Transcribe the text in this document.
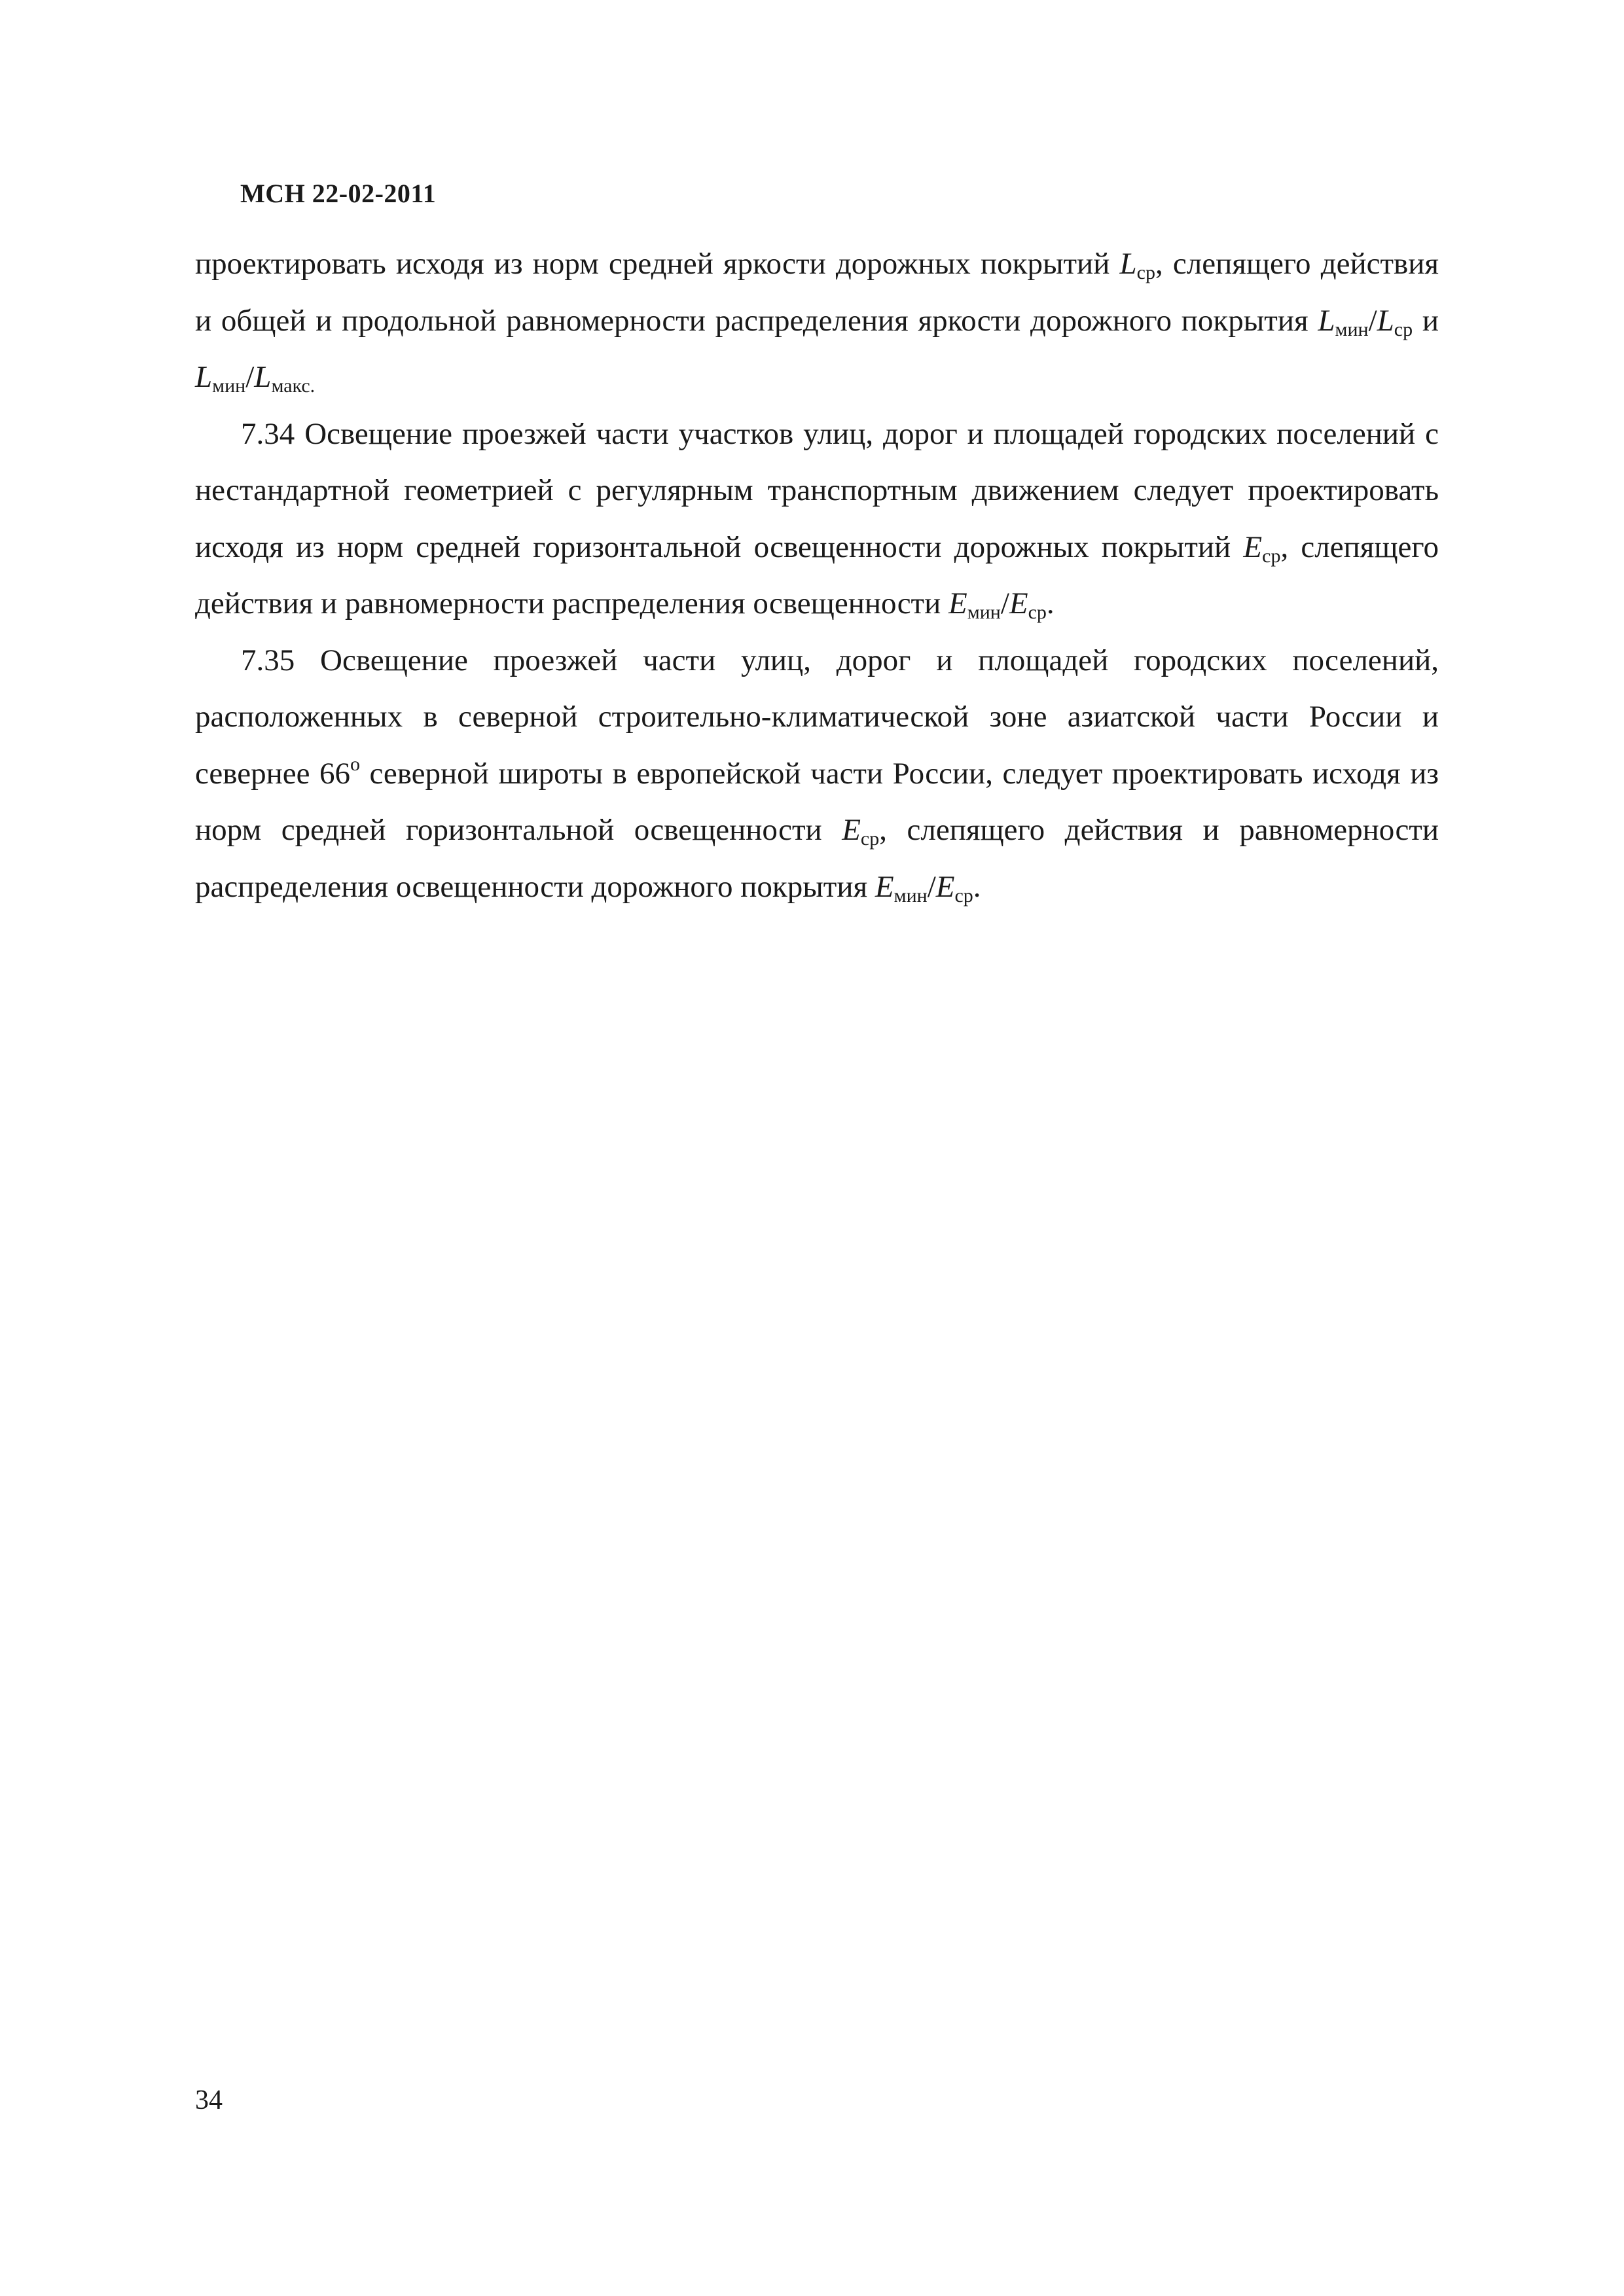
МСН 22-02-2011

проектировать исходя из норм средней яркости дорожных покрытий $L_{ср}$, слепящего действия и общей и продольной равномерности распределения яркости дорожного покрытия $L_{мин}/L_{ср}$ и $L_{мин}/L_{макс.}$

7.34 Освещение проезжей части участков улиц, дорог и площадей городских поселений с нестандартной геометрией с регулярным транспортным движением следует проектировать исходя из норм средней горизонтальной освещенности дорожных покрытий $E_{ср}$, слепящего действия и равномерности распределения освещенности $E_{мин}/E_{ср}$.

7.35 Освещение проезжей части улиц, дорог и площадей городских поселений, расположенных в северной строительно-климатической зоне азиатской части России и севернее $66^о$ северной широты в европейской части России, следует проектировать исходя из норм средней горизонтальной освещенности $E_{ср}$, слепящего действия и равномерности распределения освещенности дорожного покрытия $E_{мин}/E_{ср}$.

34
